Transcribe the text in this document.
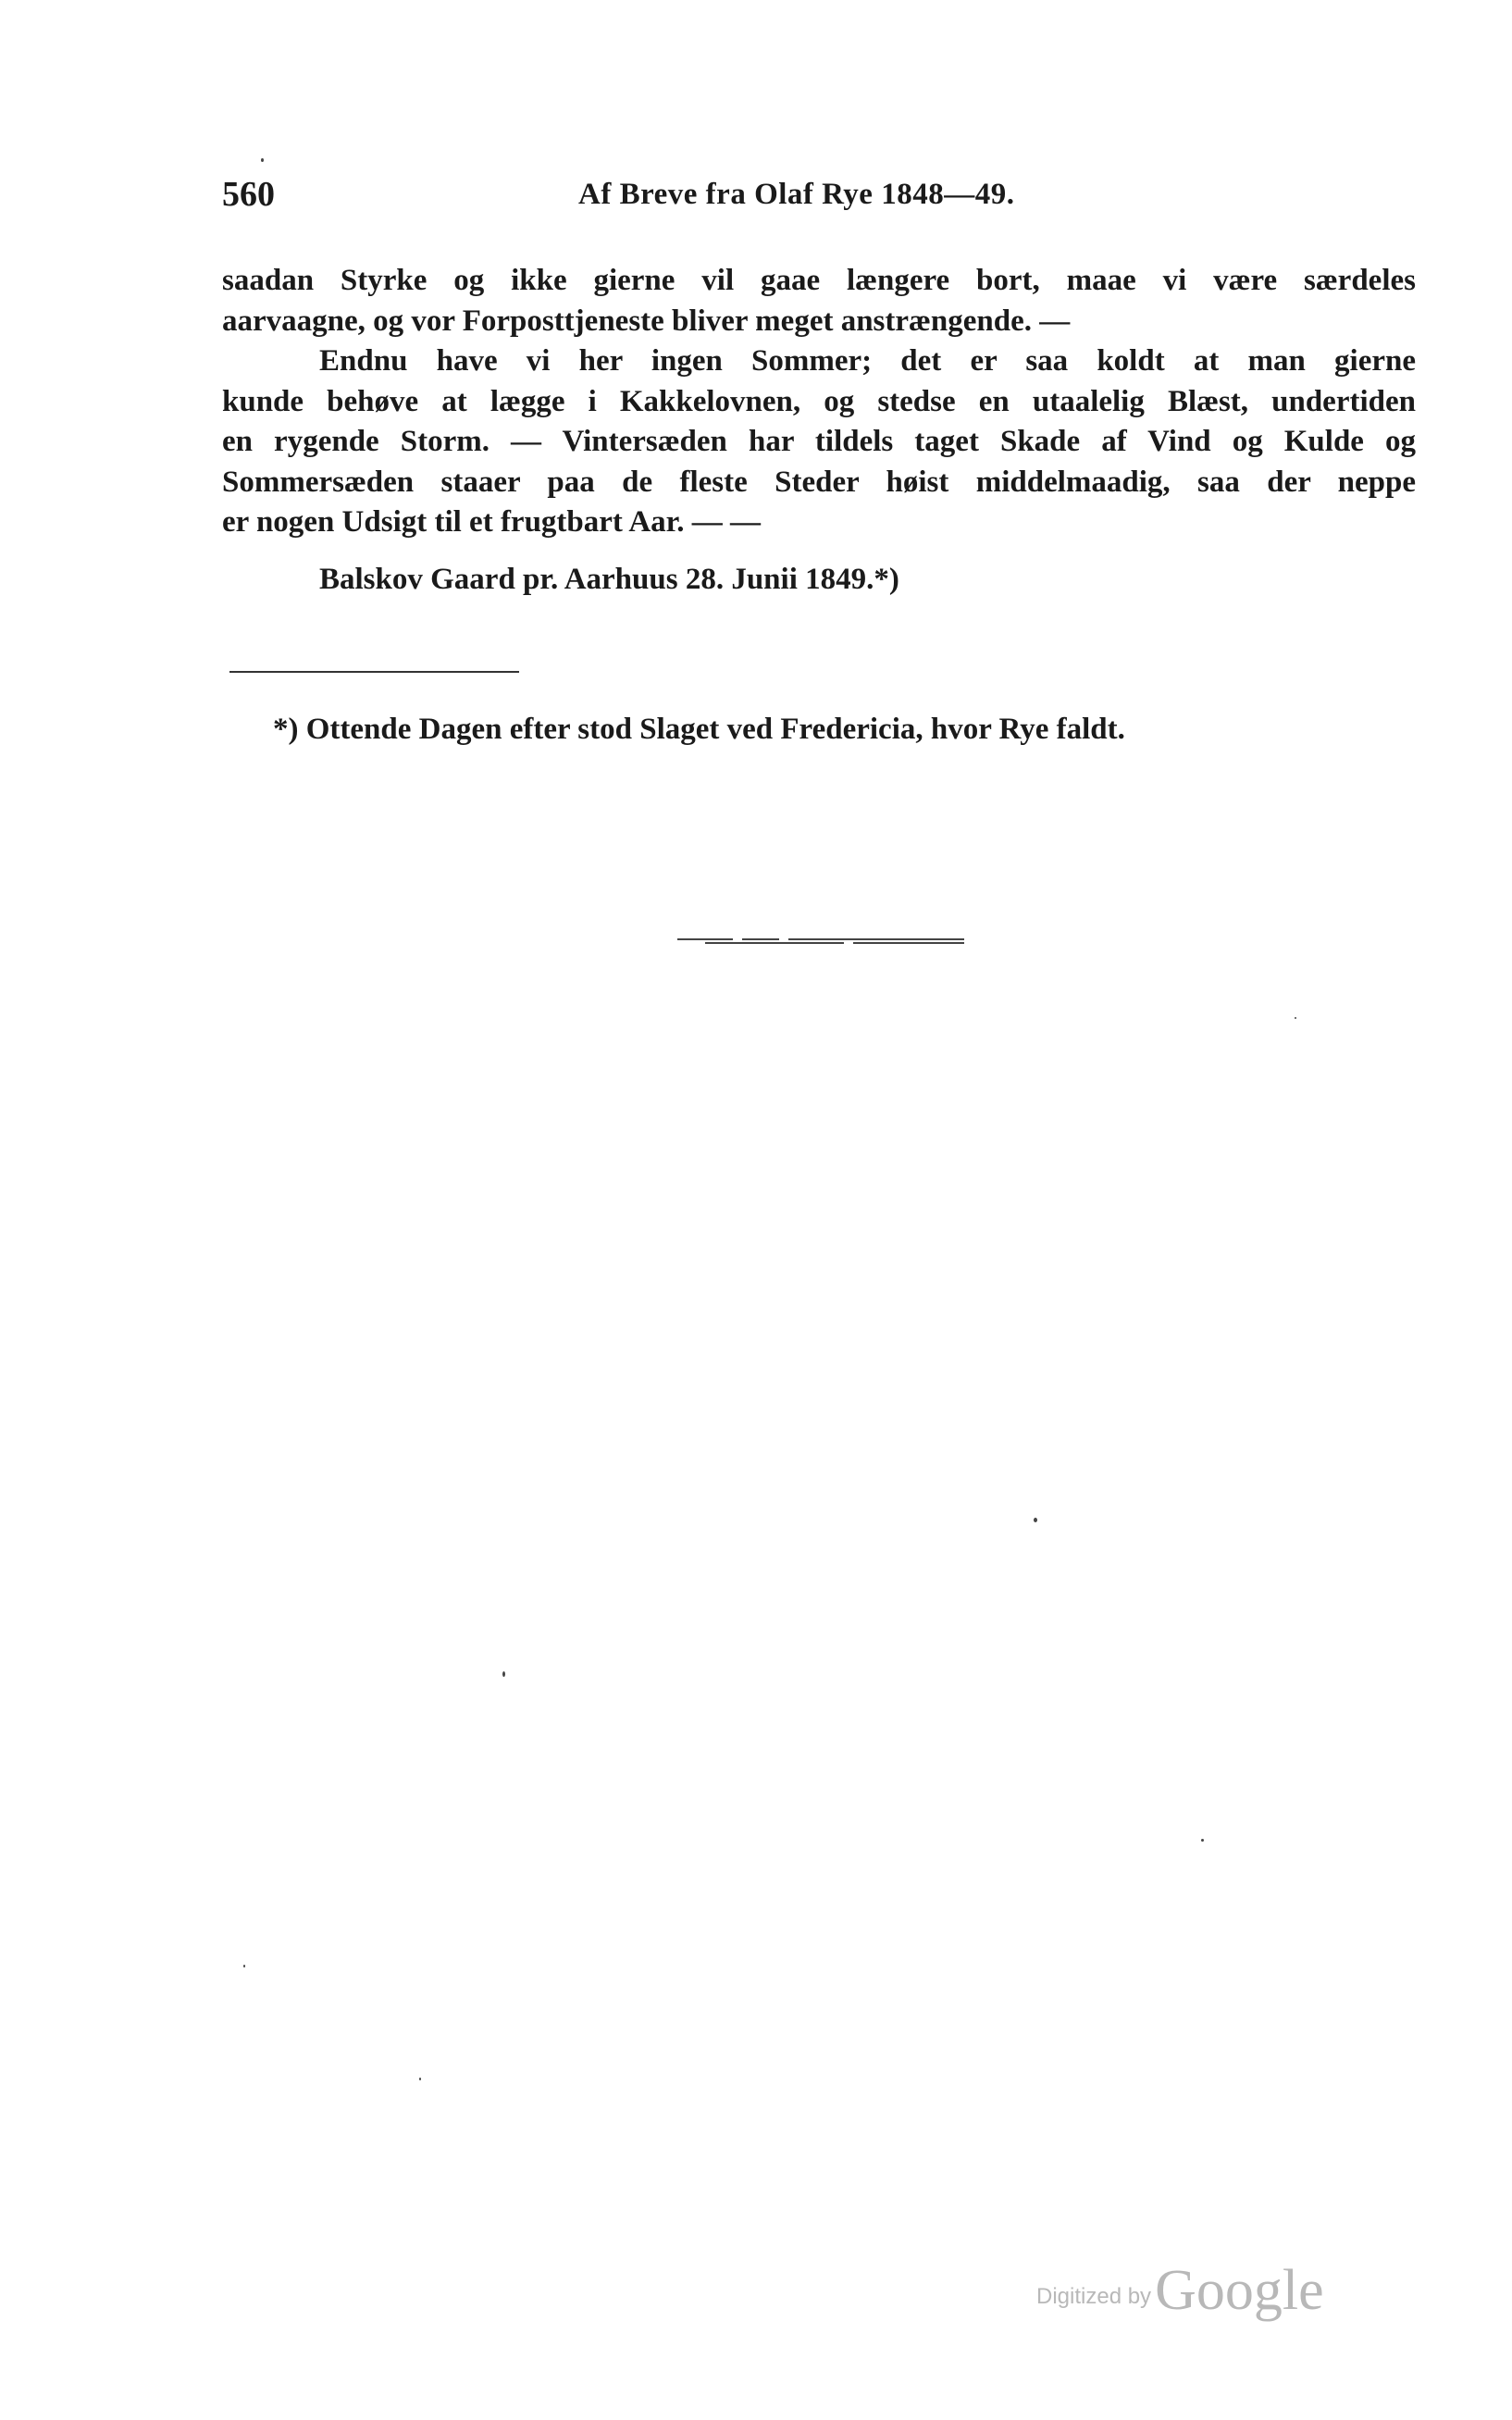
560	Af Breve fra Olaf Rye 1848—49.

saadan Styrke og ikke gierne vil gaae længere bort, maae vi være særdeles

aarvaagne, og vor Forposttjeneste bliver meget anstrængende. —

Endnu have vi her ingen Sommer; det er saa koldt at man gierne

kunde behøve at lægge i Kakkelovnen, og stedse en utaalelig Blæst, undertiden

en rygende Storm. — Vintersæden har tildels taget Skade af Vind og Kulde og

Sommersæden staaer paa de fleste Steder høist middelmaadig, saa der neppe

er nogen Udsigt til et frugtbart Aar. — —

Balskov Gaard pr. Aarhuus 28. Junii 1849.*)
*) Ottende Dagen efter stod Slaget ved Fredericia, hvor Rye faldt.
Digitized by Google
